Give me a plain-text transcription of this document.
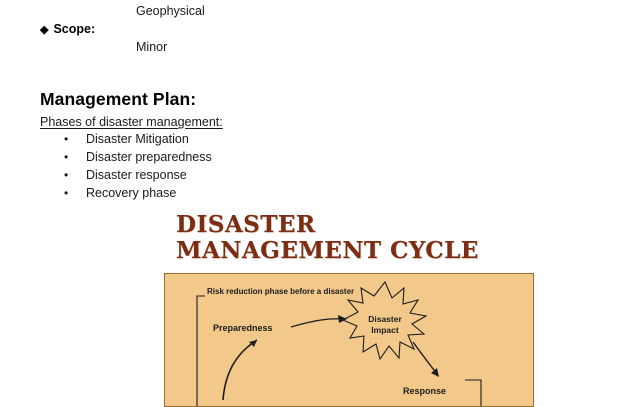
Geophysical
◆ Scope:
Minor
Management Plan:
Phases of disaster management:
• Disaster Mitigation
• Disaster preparedness
• Disaster response
• Recovery phase
DISASTER MANAGEMENT CYCLE
Risk reduction phase before a disaster
Preparedness
Disaster Impact
Response
